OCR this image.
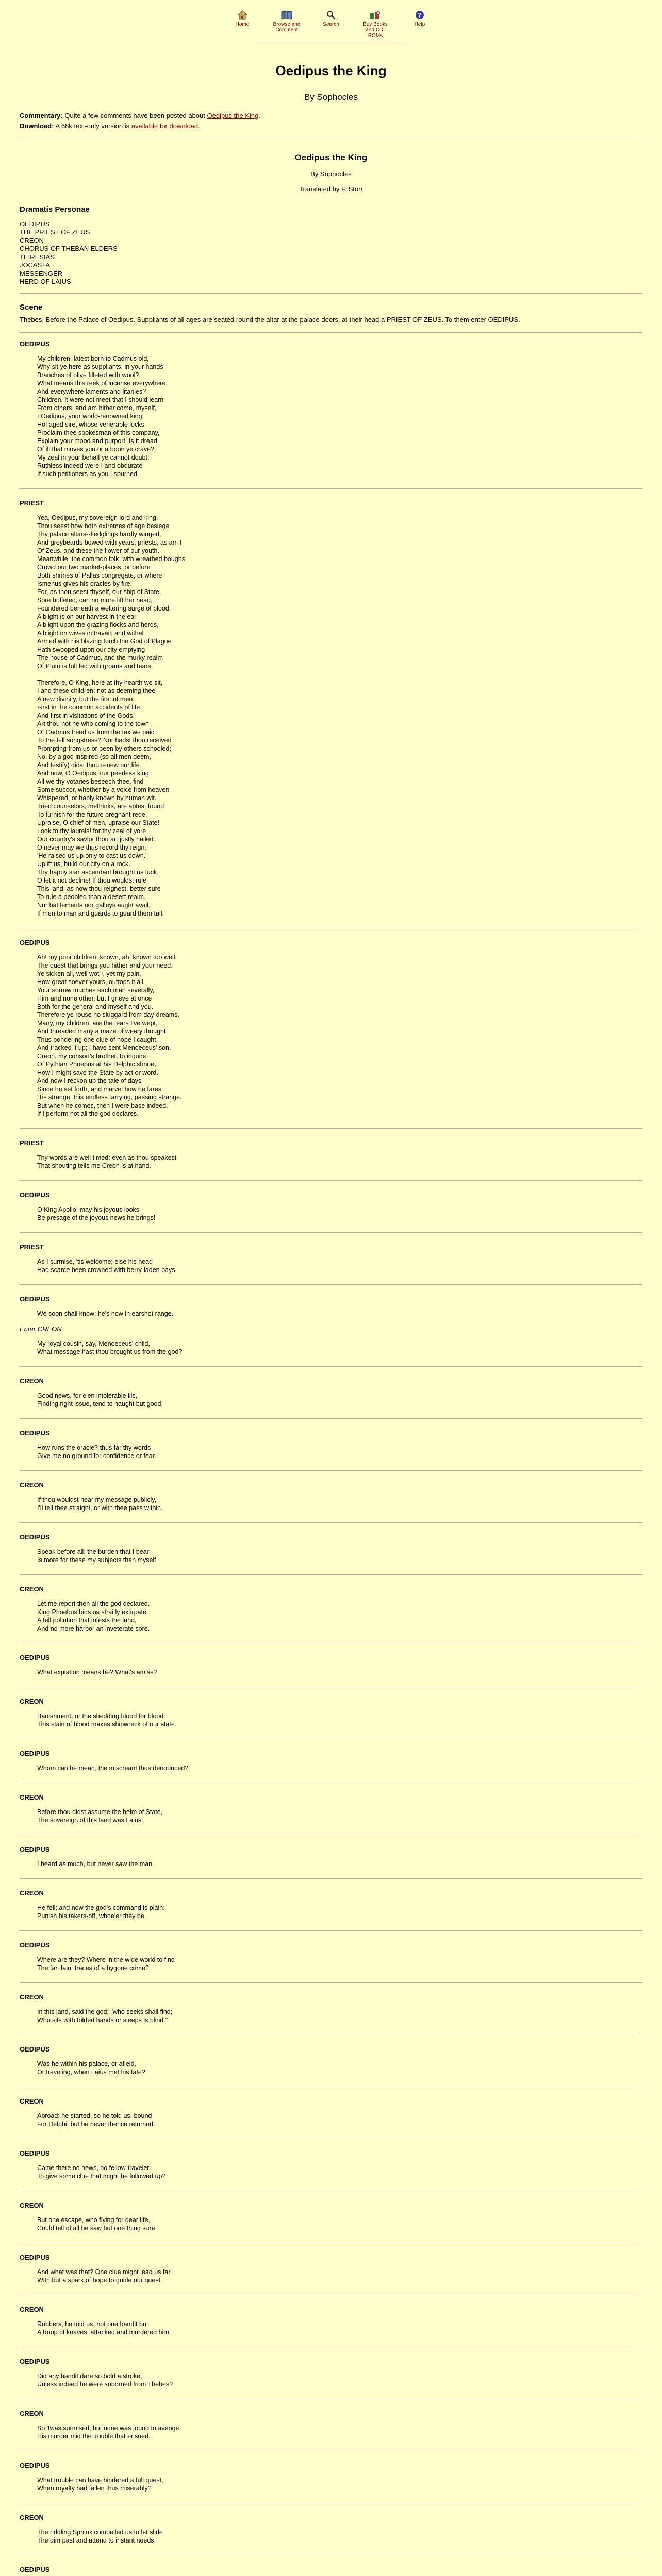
Home	Browse and Comment
Search	Buy Books and CD-ROMs
?
Help
Oedipus the King
By Sophocles
Commentary: Quite a few comments have been posted about Oedipus the King.
Download: A 68k text-only version is available for download.
Oedipus the King
By Sophocles
Translated by F. Storr
Dramatis Personae
OEDIPUS
THE PRIEST OF ZEUS
CREON
CHORUS OF THEBAN ELDERS
TEIRESIAS
JOCASTA
MESSENGER
HERD OF LAIUS
Scene
Thebes. Before the Palace of Oedipus. Suppliants of all ages are seated round the altar at the palace doors, at their head a PRIEST OF ZEUS. To them enter OEDIPUS.
OEDIPUS
My children, latest born to Cadmus old,
Why sit ye here as suppliants, in your hands
Branches of olive filleted with wool?
What means this reek of incense everywhere,
And everywhere laments and litanies?
Children, it were not meet that I should learn
From others, and am hither come, myself,
I Oedipus, your world-renowned king.
Ho! aged sire, whose venerable locks
Proclaim thee spokesman of this company,
Explain your mood and purport. Is it dread
Of ill that moves you or a boon ye crave?
My zeal in your behalf ye cannot doubt;
Ruthless indeed were I and obdurate
If such petitioners as you I spurned.
PRIEST
Yea, Oedipus, my sovereign lord and king,
Thou seest how both extremes of age besiege
Thy palace altars--fledglings hardly winged,
And greybeards bowed with years, priests, as am I
Of Zeus, and these the flower of our youth.
Meanwhile, the common folk, with wreathed boughs
Crowd our two market-places, or before
Both shrines of Pallas congregate, or where
Ismenus gives his oracles by fire.
For, as thou seest thyself, our ship of State,
Sore buffeted, can no more lift her head,
Foundered beneath a weltering surge of blood.
A blight is on our harvest in the ear,
A blight upon the grazing flocks and herds,
A blight on wives in travail; and withal
Armed with his blazing torch the God of Plague
Hath swooped upon our city emptying
The house of Cadmus, and the murky realm
Of Pluto is full fed with groans and tears.
Therefore, O King, here at thy hearth we sit,
I and these children; not as deeming thee
A new divinity, but the first of men;
First in the common accidents of life,
And first in visitations of the Gods.
Art thou not he who coming to the town
Of Cadmus freed us from the tax we paid
To the fell songstress? Nor hadst thou received
Prompting from us or been by others schooled;
No, by a god inspired (so all men deem,
And testify) didst thou renew our life.
And now, O Oedipus, our peerless king,
All we thy votaries beseech thee, find
Some succor, whether by a voice from heaven
Whispered, or haply known by human wit.
Tried counselors, methinks, are aptest found
To furnish for the future pregnant rede.
Upraise, O chief of men, upraise our State!
Look to thy laurels! for thy zeal of yore
Our country's savior thou art justly hailed:
O never may we thus record thy reign:--
'He raised us up only to cast us down.'
Uplift us, build our city on a rock.
Thy happy star ascendant brought us luck,
O let it not decline! If thou wouldst rule
This land, as now thou reignest, better sure
To rule a peopled than a desert realm.
Nor battlements nor galleys aught avail,
If men to man and guards to guard them tail.
OEDIPUS
Ah! my poor children, known, ah, known too well,
The quest that brings you hither and your need.
Ye sicken all, well wot I, yet my pain,
How great soever yours, outtops it all.
Your sorrow touches each man severally,
Him and none other, but I grieve at once
Both for the general and myself and you.
Therefore ye rouse no sluggard from day-dreams.
Many, my children, are the tears I've wept,
And threaded many a maze of weary thought.
Thus pondering one clue of hope I caught,
And tracked it up; I have sent Menoeceus' son,
Creon, my consort's brother, to inquire
Of Pythian Phoebus at his Delphic shrine,
How I might save the State by act or word.
And now I reckon up the tale of days
Since he set forth, and marvel how he fares.
'Tis strange, this endless tarrying, passing strange.
But when he comes, then I were base indeed,
If I perform not all the god declares.
PRIEST
Thy words are well timed; even as thou speakest
That shouting tells me Creon is at hand.
OEDIPUS
O King Apollo! may his joyous looks
Be presage of the joyous news he brings!
PRIEST
As I surmise, 'tis welcome; else his head
Had scarce been crowned with berry-laden bays.
OEDIPUS
We soon shall know; he's now in earshot range.
Enter CREON
My royal cousin, say, Menoeceus' child,
What message hast thou brought us from the god?
CREON
Good news, for e'en intolerable ills,
Finding right issue, tend to naught but good.
OEDIPUS
How runs the oracle? thus far thy words
Give me no ground for confidence or fear.
CREON
If thou wouldst hear my message publicly,
I'll tell thee straight, or with thee pass within.
OEDIPUS
Speak before all; the burden that I bear
Is more for these my subjects than myself.
CREON
Let me report then all the god declared.
King Phoebus bids us straitly extirpate
A fell pollution that infests the land,
And no more harbor an inveterate sore.
OEDIPUS
What expiation means he? What's amiss?
CREON
Banishment, or the shedding blood for blood.
This stain of blood makes shipwreck of our state.
OEDIPUS
Whom can he mean, the miscreant thus denounced?
CREON
Before thou didst assume the helm of State,
The sovereign of this land was Laius.
OEDIPUS
I heard as much, but never saw the man.
CREON
He fell; and now the god's command is plain:
Punish his takers-off, whoe'er they be.
OEDIPUS
Where are they? Where in the wide world to find
The far, faint traces of a bygone crime?
CREON
In this land, said the god; "who seeks shall find;
Who sits with folded hands or sleeps is blind."
OEDIPUS
Was he within his palace, or afield,
Or traveling, when Laius met his fate?
CREON
Abroad; he started, so he told us, bound
For Delphi, but he never thence returned.
OEDIPUS
Came there no news, no fellow-traveler
To give some clue that might be followed up?
CREON
But one escape, who flying for dear life,
Could tell of all he saw but one thing sure.
OEDIPUS
And what was that? One clue might lead us far,
With but a spark of hope to guide our quest.
CREON
Robbers, he told us, not one bandit but
A troop of knaves, attacked and murdered him.
OEDIPUS
Did any bandit dare so bold a stroke,
Unless indeed he were suborned from Thebes?
CREON
So 'twas surmised, but none was found to avenge
His murder mid the trouble that ensued.
OEDIPUS
What trouble can have hindered a full quest,
When royalty had fallen thus miserably?
CREON
The riddling Sphinx compelled us to let slide
The dim past and attend to instant needs.
OEDIPUS
